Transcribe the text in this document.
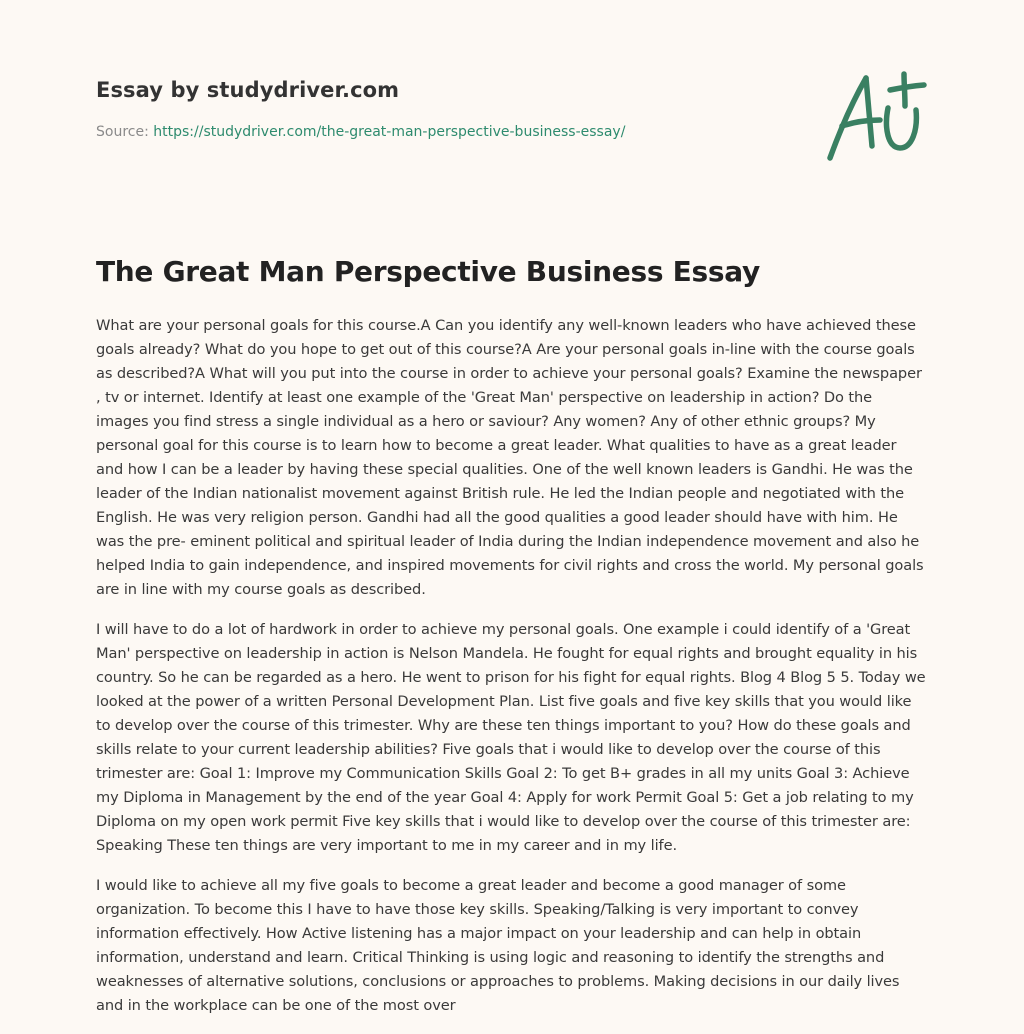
Essay by studydriver.com
Source: https://studydriver.com/the-great-man-perspective-business-essay/
The Great Man Perspective Business Essay

What are your personal goals for this course.A Can you identify any well-known leaders who have achieved these goals already? What do you hope to get out of this course?A Are your personal goals in-line with the course goals as described?A What will you put into the course in order to achieve your personal goals? Examine the newspaper , tv or internet. Identify at least one example of the 'Great Man' perspective on leadership in action? Do the images you find stress a single individual as a hero or saviour? Any women? Any of other ethnic groups? My personal goal for this course is to learn how to become a great leader. What qualities to have as a great leader and how I can be a leader by having these special qualities. One of the well known leaders is Gandhi. He was the leader of the Indian nationalist movement against British rule. He led the Indian people and negotiated with the English. He was very religion person. Gandhi had all the good qualities a good leader should have with him. He was the pre- eminent political and spiritual leader of India during the Indian independence movement and also he helped India to gain independence, and inspired movements for civil rights and cross the world. My personal goals are in line with my course goals as described.

I will have to do a lot of hardwork in order to achieve my personal goals. One example i could identify of a 'Great Man' perspective on leadership in action is Nelson Mandela. He fought for equal rights and brought equality in his country. So he can be regarded as a hero. He went to prison for his fight for equal rights. Blog 4 Blog 5 5. Today we looked at the power of a written Personal Development Plan. List five goals and five key skills that you would like to develop over the course of this trimester. Why are these ten things important to you? How do these goals and skills relate to your current leadership abilities? Five goals that i would like to develop over the course of this trimester are: Goal 1: Improve my Communication Skills Goal 2: To get B+ grades in all my units Goal 3: Achieve my Diploma in Management by the end of the year Goal 4: Apply for work Permit Goal 5: Get a job relating to my Diploma on my open work permit Five key skills that i would like to develop over the course of this trimester are: Speaking These ten things are very important to me in my career and in my life.

I would like to achieve all my five goals to become a great leader and become a good manager of some organization. To become this I have to have those key skills. Speaking/Talking is very important to convey information effectively. How Active listening has a major impact on your leadership and can help in obtain information, understand and learn. Critical Thinking is using logic and reasoning to identify the strengths and weaknesses of alternative solutions, conclusions or approaches to problems. Making decisions in our daily lives and in the workplace can be one of the most over
